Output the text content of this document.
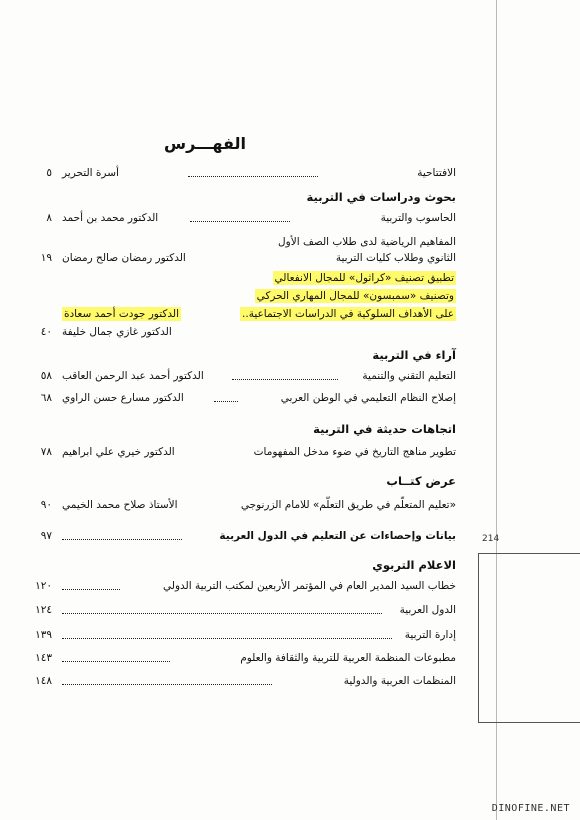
214
الفهـــرس
٥ أسرة التحرير	الافتتاحية
بحوث ودراسات في التربية
٨ الدكتور محمد بن أحمد	الحاسوب والتربية
المفاهيم الرياضية لدى طلاب الصف الأول
١٩ الدكتور رمضان صالح رمضان	الثانوي وطلاب كليات التربية
تطبيق تصنيف «كراثول» للمجال الانفعالي
وتصنيف «سمبسون» للمجال المهاري الحركي
الدكتور جودت أحمد سعادة	على الأهداف السلوكية في الدراسات الاجتماعية..
٤٠ الدكتور غازي جمال خليفة
آراء في التربية
٥٨ الدكتور أحمد عبد الرحمن العاقب	التعليم التقني والتنمية
٦٨ الدكتور مسارع حسن الراوي	إصلاح النظام التعليمي في الوطن العربي
اتجاهات حديثة في التربية
٧٨ الدكتور خيري علي ابراهيم	تطوير مناهج التاريخ في ضوء مدخل المفهومات
عرض كتــاب
٩٠ الأستاذ صلاح محمد الخيمي	«تعليم المتعلّم في طريق التعلّم» للامام الزرنوجي
٩٧	بيانات وإحصاءات عن التعليم في الدول العربية
الاعلام التربوي
١٢٠	خطاب السيد المدير العام في المؤتمر الأربعين لمكتب التربية الدولي
١٢٤	الدول العربية
١٣٩	إدارة التربية
١٤٣	مطبوعات المنظمة العربية للتربية والثقافة والعلوم
١٤٨	المنظمات العربية والدولية
DINOFINE.NET
